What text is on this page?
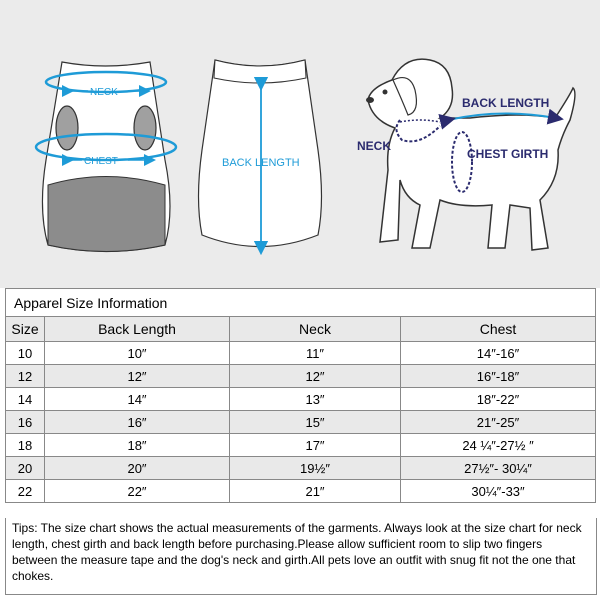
NECK
CHEST	BACK LENGTH
BACK LENGTH
NECK
CHEST GIRTH
Apparel Size Information			
Size	Back Length	Neck	Chest
10	10″	11″	14″-16″
12	12″	12″	16″-18″
14	14″	13″	18″-22″
16	16″	15″	21″-25″
18	18″	17″	24 ¼″-27½ ″
20	20″	19½″	27½″- 30¼″
22	22″	21″	30¼″-33″
Tips: The size chart shows the actual measurements of the garments. Always look at the size chart for neck length, chest girth and back length before purchasing.Please allow sufficient room to slip two fingers between the measure tape and the dog's neck and girth.All pets love an outfit with snug fit not the one that chokes.
